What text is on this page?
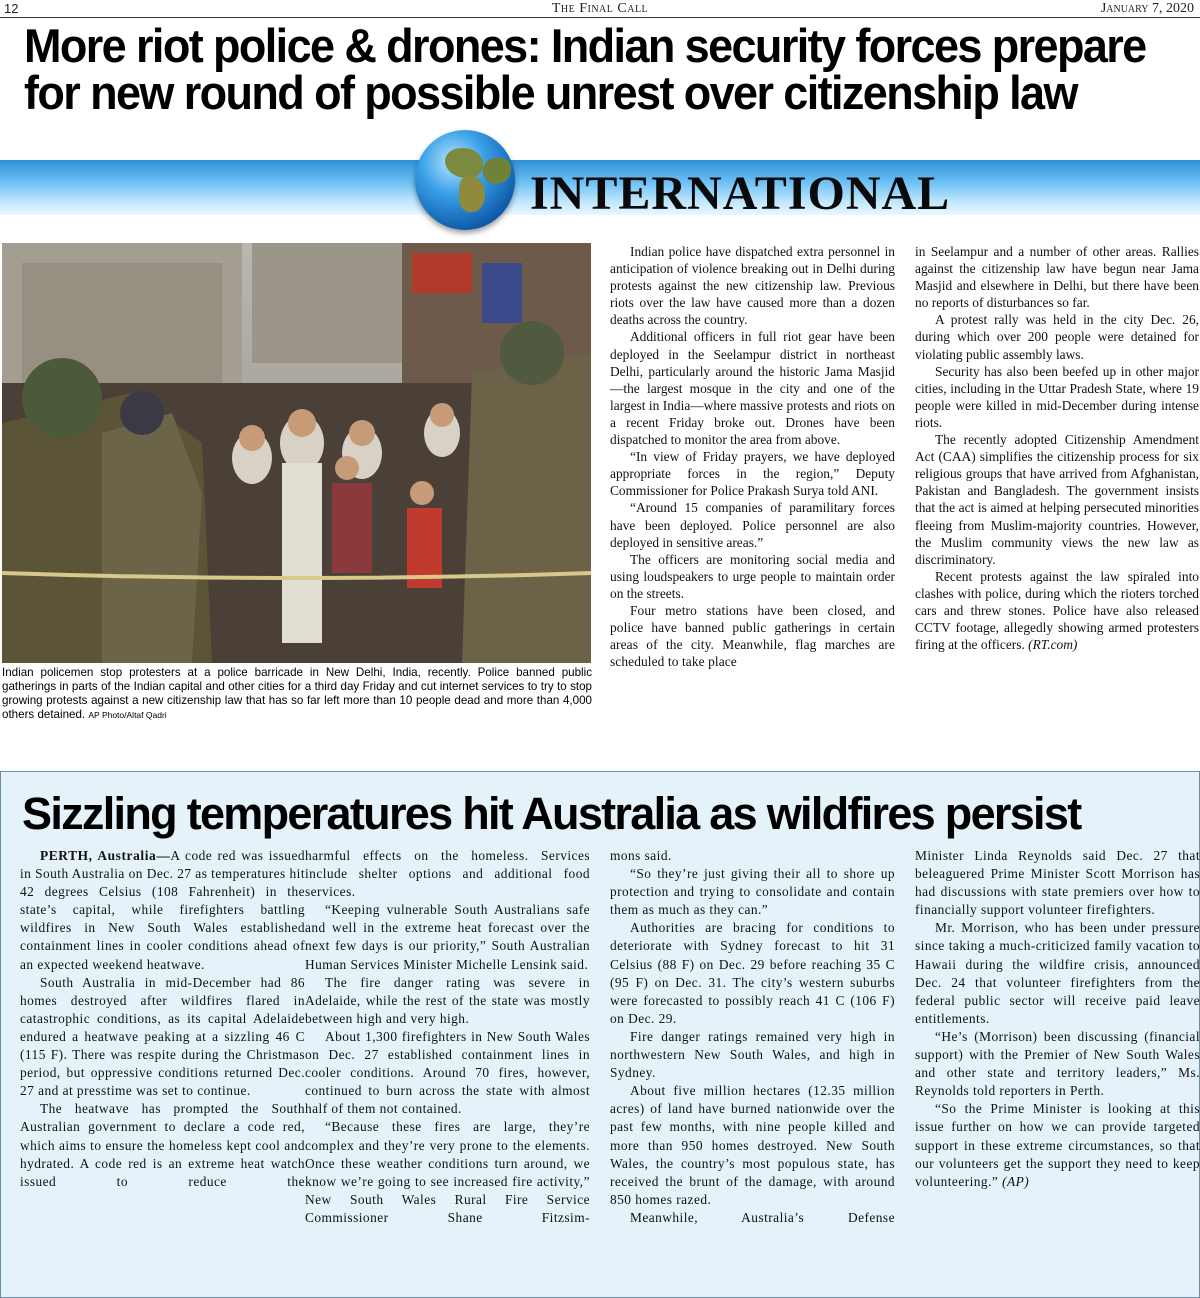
12	The Final Call	January 7, 2020
More riot police & drones: Indian security forces prepare for new round of possible unrest over citizenship law
INTERNATIONAL

Indian policemen stop protesters at a police barricade in New Delhi, India, recently. Police banned public gatherings in parts of the Indian capital and other cities for a third day Friday and cut internet services to try to stop growing protests against a new citizenship law that has so far left more than 10 people dead and more than 4,000 others detained. AP Photo/Altaf Qadri

Indian police have dispatched extra personnel in anticipation of violence breaking out in Delhi during protests against the new citizenship law. Previous riots over the law have caused more than a dozen deaths across the country.

Additional officers in full riot gear have been deployed in the Seelampur district in northeast Delhi, particularly around the historic Jama Masjid—the largest mosque in the city and one of the largest in India—where massive protests and riots on a recent Friday broke out. Drones have been dispatched to monitor the area from above.

“In view of Friday prayers, we have deployed appropriate forces in the region,” Deputy Commissioner for Police Prakash Surya told ANI.

“Around 15 companies of paramilitary forces have been deployed. Police personnel are also deployed in sensitive areas.”

The officers are monitoring social media and using loudspeakers to urge people to maintain order on the streets.

Four metro stations have been closed, and police have banned public gatherings in certain areas of the city. Meanwhile, flag marches are scheduled to take place

in Seelampur and a number of other areas. Rallies against the citizenship law have begun near Jama Masjid and elsewhere in Delhi, but there have been no reports of disturbances so far.

A protest rally was held in the city Dec. 26, during which over 200 people were detained for violating public assembly laws.

Security has also been beefed up in other major cities, including in the Uttar Pradesh State, where 19 people were killed in mid-December during intense riots.

The recently adopted Citizenship Amendment Act (CAA) simplifies the citizenship process for six religious groups that have arrived from Afghanistan, Pakistan and Bangladesh. The government insists that the act is aimed at helping persecuted minorities fleeing from Muslim-majority countries. However, the Muslim community views the new law as discriminatory.

Recent protests against the law spiraled into clashes with police, during which the rioters torched cars and threw stones. Police have also released CCTV footage, allegedly showing armed protesters firing at the officers. (RT.com)

Sizzling temperatures hit Australia as wildfires persist

PERTH, Australia—A code red was issued in South Australia on Dec. 27 as temperatures hit 42 degrees Celsius (108 Fahrenheit) in the state’s capital, while firefighters battling wildfires in New South Wales established containment lines in cooler conditions ahead of an expected weekend heatwave.

South Australia in mid-December had 86 homes destroyed after wildfires flared in catastrophic conditions, as its capital Adelaide endured a heatwave peaking at a sizzling 46 C (115 F). There was respite during the Christmas period, but oppressive conditions returned Dec. 27 and at presstime was set to continue.

The heatwave has prompted the South Australian government to declare a code red, which aims to ensure the homeless kept cool and hydrated. A code red is an extreme heat watch issued to reduce the

harmful effects on the homeless. Services include shelter options and additional food services.

“Keeping vulnerable South Australians safe and well in the extreme heat forecast over the next few days is our priority,” South Australian Human Services Minister Michelle Lensink said.

The fire danger rating was severe in Adelaide, while the rest of the state was mostly between high and very high.

About 1,300 firefighters in New South Wales on Dec. 27 established containment lines in cooler conditions. Around 70 fires, however, continued to burn across the state with almost half of them not contained.

“Because these fires are large, they’re complex and they’re very prone to the elements. Once these weather conditions turn around, we know we’re going to see increased fire activity,” New South Wales Rural Fire Service Commissioner Shane Fitzsim-

mons said.

“So they’re just giving their all to shore up protection and trying to consolidate and contain them as much as they can.”

Authorities are bracing for conditions to deteriorate with Sydney forecast to hit 31 Celsius (88 F) on Dec. 29 before reaching 35 C (95 F) on Dec. 31. The city’s western suburbs were forecasted to possibly reach 41 C (106 F) on Dec. 29.

Fire danger ratings remained very high in northwestern New South Wales, and high in Sydney.

About five million hectares (12.35 million acres) of land have burned nationwide over the past few months, with nine people killed and more than 950 homes destroyed. New South Wales, the country’s most populous state, has received the brunt of the damage, with around 850 homes razed.

Meanwhile, Australia’s Defense

Minister Linda Reynolds said Dec. 27 that beleaguered Prime Minister Scott Morrison has had discussions with state premiers over how to financially support volunteer firefighters.

Mr. Morrison, who has been under pressure since taking a much-criticized family vacation to Hawaii during the wildfire crisis, announced Dec. 24 that volunteer firefighters from the federal public sector will receive paid leave entitlements.

“He’s (Morrison) been discussing (financial support) with the Premier of New South Wales and other state and territory leaders,” Ms. Reynolds told reporters in Perth.

“So the Prime Minister is looking at this issue further on how we can provide targeted support in these extreme circumstances, so that our volunteers get the support they need to keep volunteering.” (AP)
